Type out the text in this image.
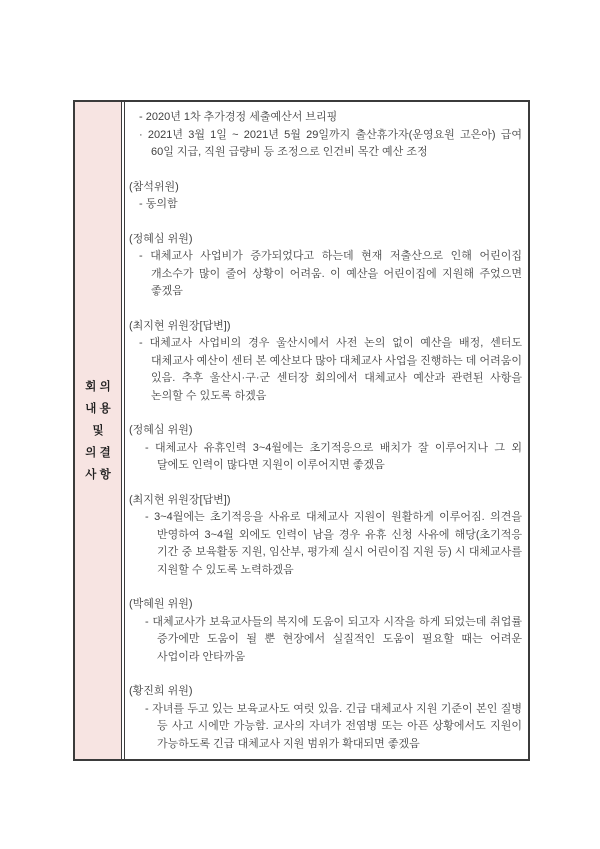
회 의
내 용
및
의 결
사 항
- 2020년 1차 추가경정 세출예산서 브리핑
· 2021년 3월 1일 ~ 2021년 5월 29일까지 출산휴가자(운영요원 고은아) 급여 60일 지급, 직원 급량비 등 조정으로 인건비 목간 예산 조정
(참석위원)
- 동의함
(정혜심 위원)
- 대체교사 사업비가 증가되었다고 하는데 현재 저출산으로 인해 어린이집 개소수가 많이 줄어 상황이 어려움. 이 예산을 어린이집에 지원해 주었으면 좋겠음
(최지현 위원장[답변])
- 대체교사 사업비의 경우 울산시에서 사전 논의 없이 예산을 배정, 센터도 대체교사 예산이 센터 본 예산보다 많아 대체교사 사업을 진행하는 데 어려움이 있음. 추후 울산시·구·군 센터장 회의에서 대체교사 예산과 관련된 사항을 논의할 수 있도록 하겠음
(정혜심 위원)
- 대체교사 유휴인력 3~4월에는 초기적응으로 배치가 잘 이루어지나 그 외 달에도 인력이 많다면 지원이 이루어지면 좋겠음
(최지현 위원장[답변])
- 3~4월에는 초기적응을 사유로 대체교사 지원이 원활하게 이루어짐. 의견을 반영하여 3~4월 외에도 인력이 남을 경우 유휴 신청 사유에 해당(초기적응 기간 중 보육활동 지원, 임산부, 평가제 실시 어린이집 지원 등) 시 대체교사를 지원할 수 있도록 노력하겠음
(박혜원 위원)
- 대체교사가 보육교사들의 복지에 도움이 되고자 시작을 하게 되었는데 취업률 증가에만 도움이 될 뿐 현장에서 실질적인 도움이 필요할 때는 어려운 사업이라 안타까움
(황진희 위원)
- 자녀를 두고 있는 보육교사도 여럿 있음. 긴급 대체교사 지원 기준이 본인 질병 등 사고 시에만 가능함. 교사의 자녀가 전염병 또는 아픈 상황에서도 지원이 가능하도록 긴급 대체교사 지원 범위가 확대되면 좋겠음
